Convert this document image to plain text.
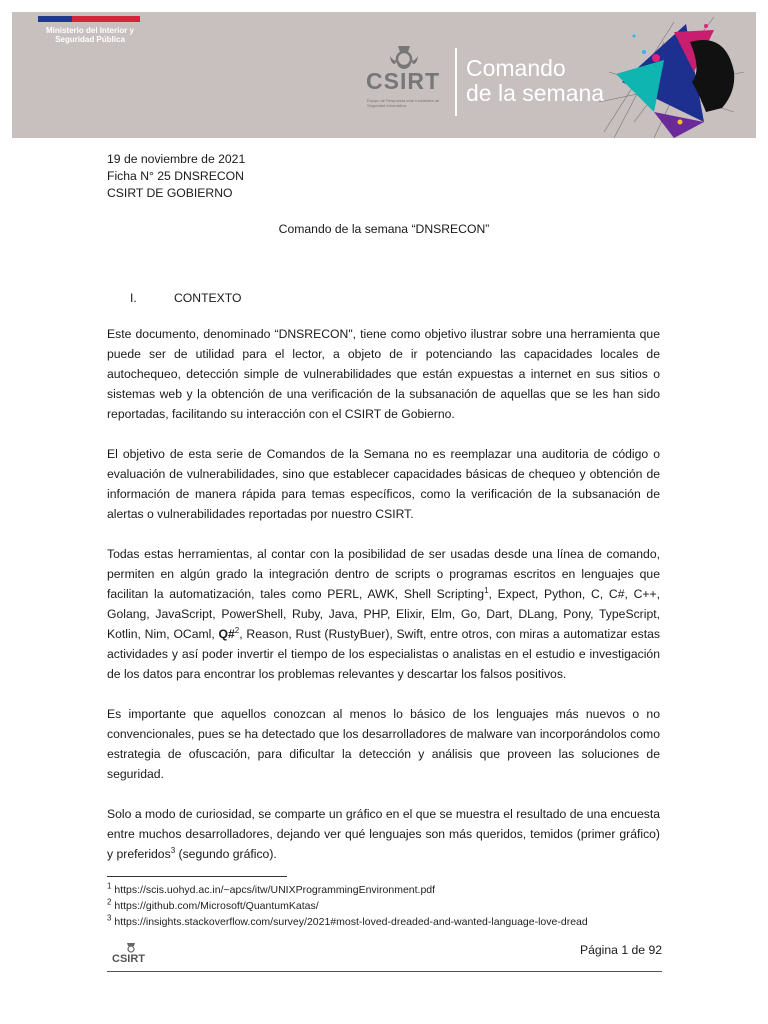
Ministerio del Interior y Seguridad Pública
CSIRT
Equipo de Respuesta ante Incidentes de Seguridad Informática
Comando
de la semana
19 de noviembre de 2021
Ficha N° 25 DNSRECON
CSIRT DE GOBIERNO
Comando de la semana “DNSRECON”
I.	CONTEXTO

Este documento, denominado “DNSRECON", tiene como objetivo ilustrar sobre una herramienta que puede ser de utilidad para el lector, a objeto de ir potenciando las capacidades locales de autochequeo, detección simple de vulnerabilidades que están expuestas a internet en sus sitios o sistemas web y la obtención de una verificación de la subsanación de aquellas que se les han sido reportadas, facilitando su interacción con el CSIRT de Gobierno.

El objetivo de esta serie de Comandos de la Semana no es reemplazar una auditoria de código o evaluación de vulnerabilidades, sino que establecer capacidades básicas de chequeo y obtención de información de manera rápida para temas específicos, como la verificación de la subsanación de alertas o vulnerabilidades reportadas por nuestro CSIRT.

Todas estas herramientas, al contar con la posibilidad de ser usadas desde una línea de comando, permiten en algún grado la integración dentro de scripts o programas escritos en lenguajes que facilitan la automatización, tales como PERL, AWK, Shell Scripting$^1$, Expect, Python, C, C#, C++, Golang, JavaScript, PowerShell, Ruby, Java, PHP, Elixir, Elm, Go, Dart, DLang, Pony, TypeScript, Kotlin, Nim, OCaml, Q#$^2$, Reason, Rust (RustyBuer), Swift, entre otros, con miras a automatizar estas actividades y así poder invertir el tiempo de los especialistas o analistas en el estudio e investigación de los datos para encontrar los problemas relevantes y descartar los falsos positivos.

Es importante que aquellos conozcan al menos lo básico de los lenguajes más nuevos o no convencionales, pues se ha detectado que los desarrolladores de malware van incorporándolos como estrategia de ofuscación, para dificultar la detección y análisis que proveen las soluciones de seguridad.

Solo a modo de curiosidad, se comparte un gráfico en el que se muestra el resultado de una encuesta entre muchos desarrolladores, dejando ver qué lenguajes son más queridos, temidos (primer gráfico) y preferidos$^3$ (segundo gráfico).

$^1$ https://scis.uohyd.ac.in/~apcs/itw/UNIXProgrammingEnvironment.pdf
$^2$ https://github.com/Microsoft/QuantumKatas/
$^3$ https://insights.stackoverflow.com/survey/2021#most-loved-dreaded-and-wanted-language-love-dread
CSIRT
Página 1 de 92
